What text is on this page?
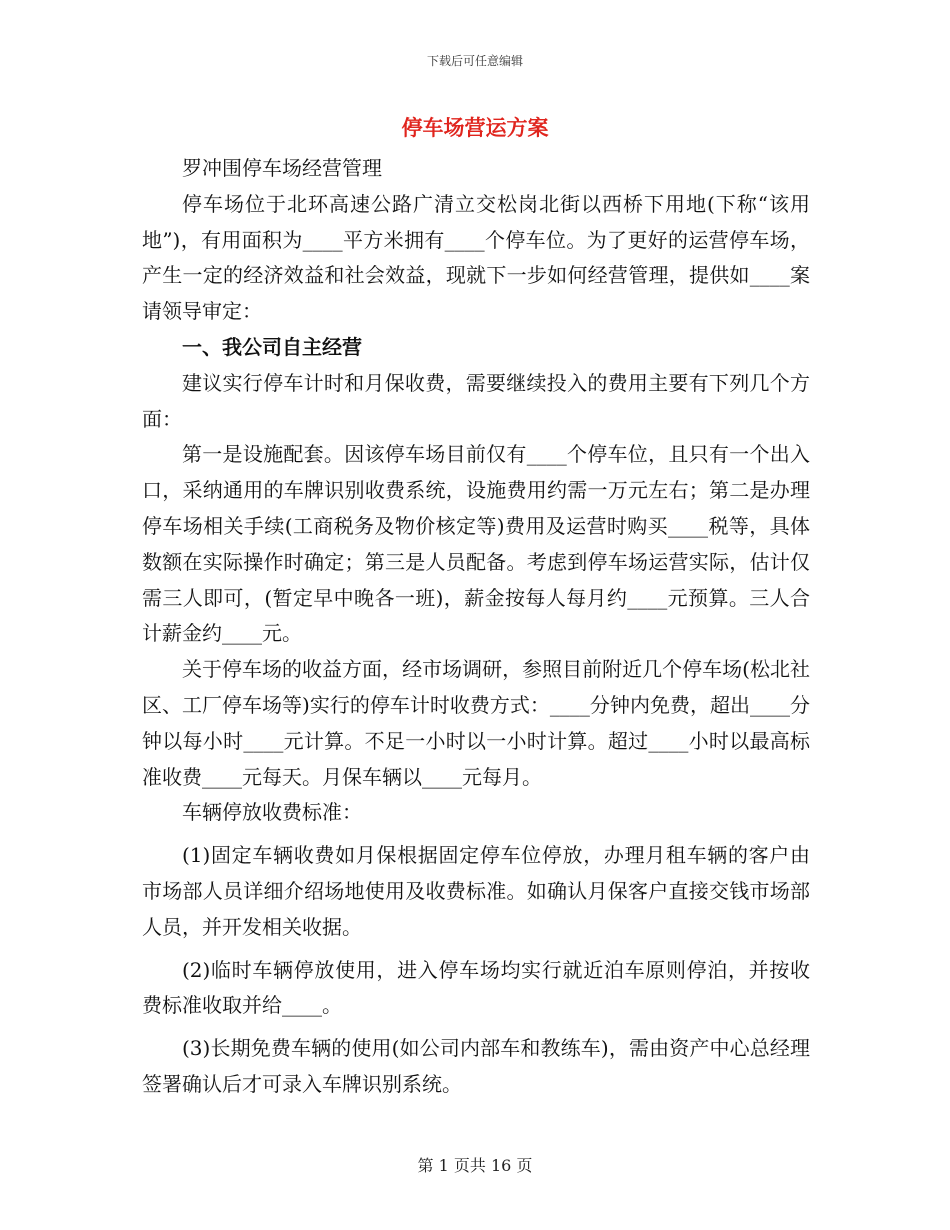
下载后可任意编辑
停车场营运方案

罗冲围停车场经营管理

停车场位于北环高速公路广清立交松岗北街以西桥下用地(下称“该用地”)，有用面积为____平方米拥有____个停车位。为了更好的运营停车场，产生一定的经济效益和社会效益，现就下一步如何经营管理，提供如____案请领导审定：

一、我公司自主经营

建议实行停车计时和月保收费，需要继续投入的费用主要有下列几个方面：

第一是设施配套。因该停车场目前仅有____个停车位，且只有一个出入口，采纳通用的车牌识别收费系统，设施费用约需一万元左右；第二是办理停车场相关手续(工商税务及物价核定等)费用及运营时购买____税等，具体数额在实际操作时确定；第三是人员配备。考虑到停车场运营实际，估计仅需三人即可，(暂定早中晚各一班)，薪金按每人每月约____元预算。三人合计薪金约____元。

关于停车场的收益方面，经市场调研，参照目前附近几个停车场(松北社区、工厂停车场等)实行的停车计时收费方式：____分钟内免费，超出____分钟以每小时____元计算。不足一小时以一小时计算。超过____小时以最高标准收费____元每天。月保车辆以____元每月。

车辆停放收费标准：

(1)固定车辆收费如月保根据固定停车位停放，办理月租车辆的客户由市场部人员详细介绍场地使用及收费标准。如确认月保客户直接交钱市场部人员，并开发相关收据。

(2)临时车辆停放使用，进入停车场均实行就近泊车原则停泊，并按收费标准收取并给____。

(3)长期免费车辆的使用(如公司内部车和教练车)，需由资产中心总经理签署确认后才可录入车牌识别系统。

第 1 页共 16 页
